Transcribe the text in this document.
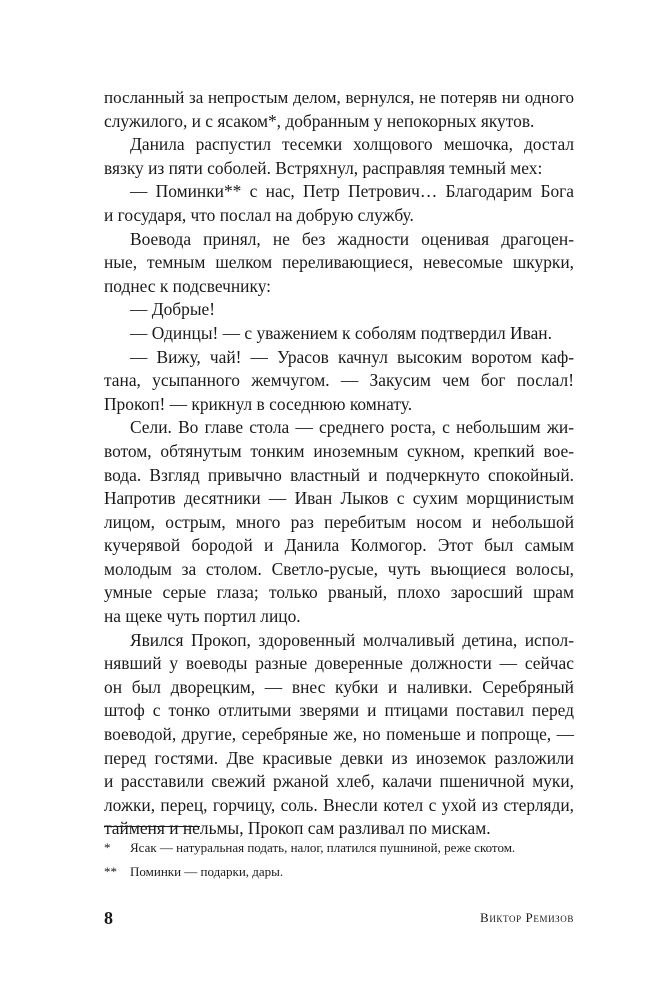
посланный за непростым делом, вернулся, не потеряв ни одного
служилого, и с ясаком*, добранным у непокорных якутов.
Данила распустил тесемки холщового мешочка, достал
вязку из пяти соболей. Встряхнул, расправляя темный мех:
— Поминки** с нас, Петр Петрович… Благодарим Бога
и государя, что послал на добрую службу.
Воевода принял, не без жадности оценивая драгоцен-
ные, темным шелком переливающиеся, невесомые шкурки,
поднес к подсвечнику:
— Добрые!
— Одинцы! — с уважением к соболям подтвердил Иван.
— Вижу, чай! — Урасов качнул высоким воротом каф-
тана, усыпанного жемчугом. — Закусим чем бог послал!
Прокоп! — крикнул в соседнюю комнату.
Сели. Во главе стола — среднего роста, с небольшим жи-
вотом, обтянутым тонким иноземным сукном, крепкий вое-
вода. Взгляд привычно властный и подчеркнуто спокойный.
Напротив десятники — Иван Лыков с сухим морщинистым
лицом, острым, много раз перебитым носом и небольшой
кучерявой бородой и Данила Колмогор. Этот был самым
молодым за столом. Светло-русые, чуть вьющиеся волосы,
умные серые глаза; только рваный, плохо заросший шрам
на щеке чуть портил лицо.
Явился Прокоп, здоровенный молчаливый детина, испол-
нявший у воеводы разные доверенные должности — сейчас
он был дворецким, — внес кубки и наливки. Серебряный
штоф с тонко отлитыми зверями и птицами поставил перед
воеводой, другие, серебряные же, но поменьше и попроще, —
перед гостями. Две красивые девки из иноземок разложили
и расставили свежий ржаной хлеб, калачи пшеничной муки,
ложки, перец, горчицу, соль. Внесли котел с ухой из стерляди,
тайменя и нельмы, Прокоп сам разливал по мискам.
* Ясак — натуральная подать, налог, платился пушниной, реже скотом.
** Поминки — подарки, дары.
8	Виктор Ремизов
